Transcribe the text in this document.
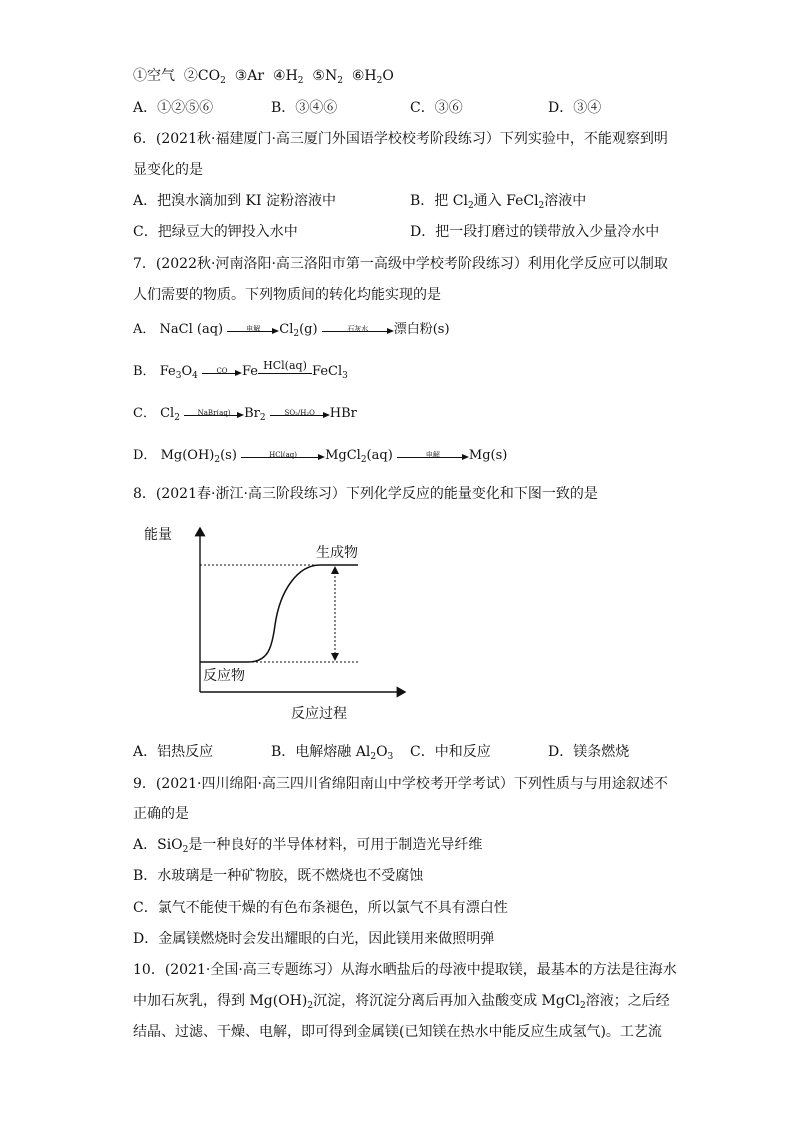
①空气 $②CO_2$ ③Ar $④H_2$ $⑤N_2$ $⑥H_2O$
A．①②⑤⑥	B．③④⑥	C．③⑥	D．③④
6．(2021秋·福建厦门·高三厦门外国语学校校考阶段练习）下列实验中，不能观察到明
显变化的是
A．把溴水滴加到 KI 淀粉溶液中	B．把 $Cl_2$通入 FeCl$_2$溶液中
C．把绿豆大的钾投入水中	D．把一段打磨过的镁带放入少量冷水中
7．(2022秋·河南洛阳·高三洛阳市第一高级中学校考阶段练习）利用化学反应可以制取
人们需要的物质。下列物质间的转化均能实现的是
A． NaCl (aq)	电解	$Cl_2(g)$	石灰水	漂白粉(s)
B． $Fe_3O_4$
CO	Fe HCl(aq) FeCl$_3$
C． $Cl_2$
NaBr(aq)	$Br_2$
SO₂/H₂O	HBr
D． $Mg(OH)_2(s)$	HCl(aq)	MgCl$_2$(aq)	电解	Mg(s)
8．(2021春·浙江·高三阶段练习）下列化学反应的能量变化和下图一致的是
能量
反应过程
生成物
反应物
A．铝热反应	B．电解熔融 $Al_2O_3$ C．中和反应	D．镁条燃烧
9．(2021·四川绵阳·高三四川省绵阳南山中学校考开学考试）下列性质与与用途叙述不
正确的是
A．SiO$_2$是一种良好的半导体材料，可用于制造光导纤维
B．水玻璃是一种矿物胶，既不燃烧也不受腐蚀
C．氯气不能使干燥的有色布条褪色，所以氯气不具有漂白性
D．金属镁燃烧时会发出耀眼的白光，因此镁用来做照明弹
10．(2021·全国·高三专题练习）从海水晒盐后的母液中提取镁，最基本的方法是往海水
中加石灰乳，得到 $Mg(OH)_2$沉淀，将沉淀分离后再加入盐酸变成 MgCl$_2$溶液；之后经
结晶、过滤、干燥、电解，即可得到金属镁(已知镁在热水中能反应生成氢气)。工艺流
